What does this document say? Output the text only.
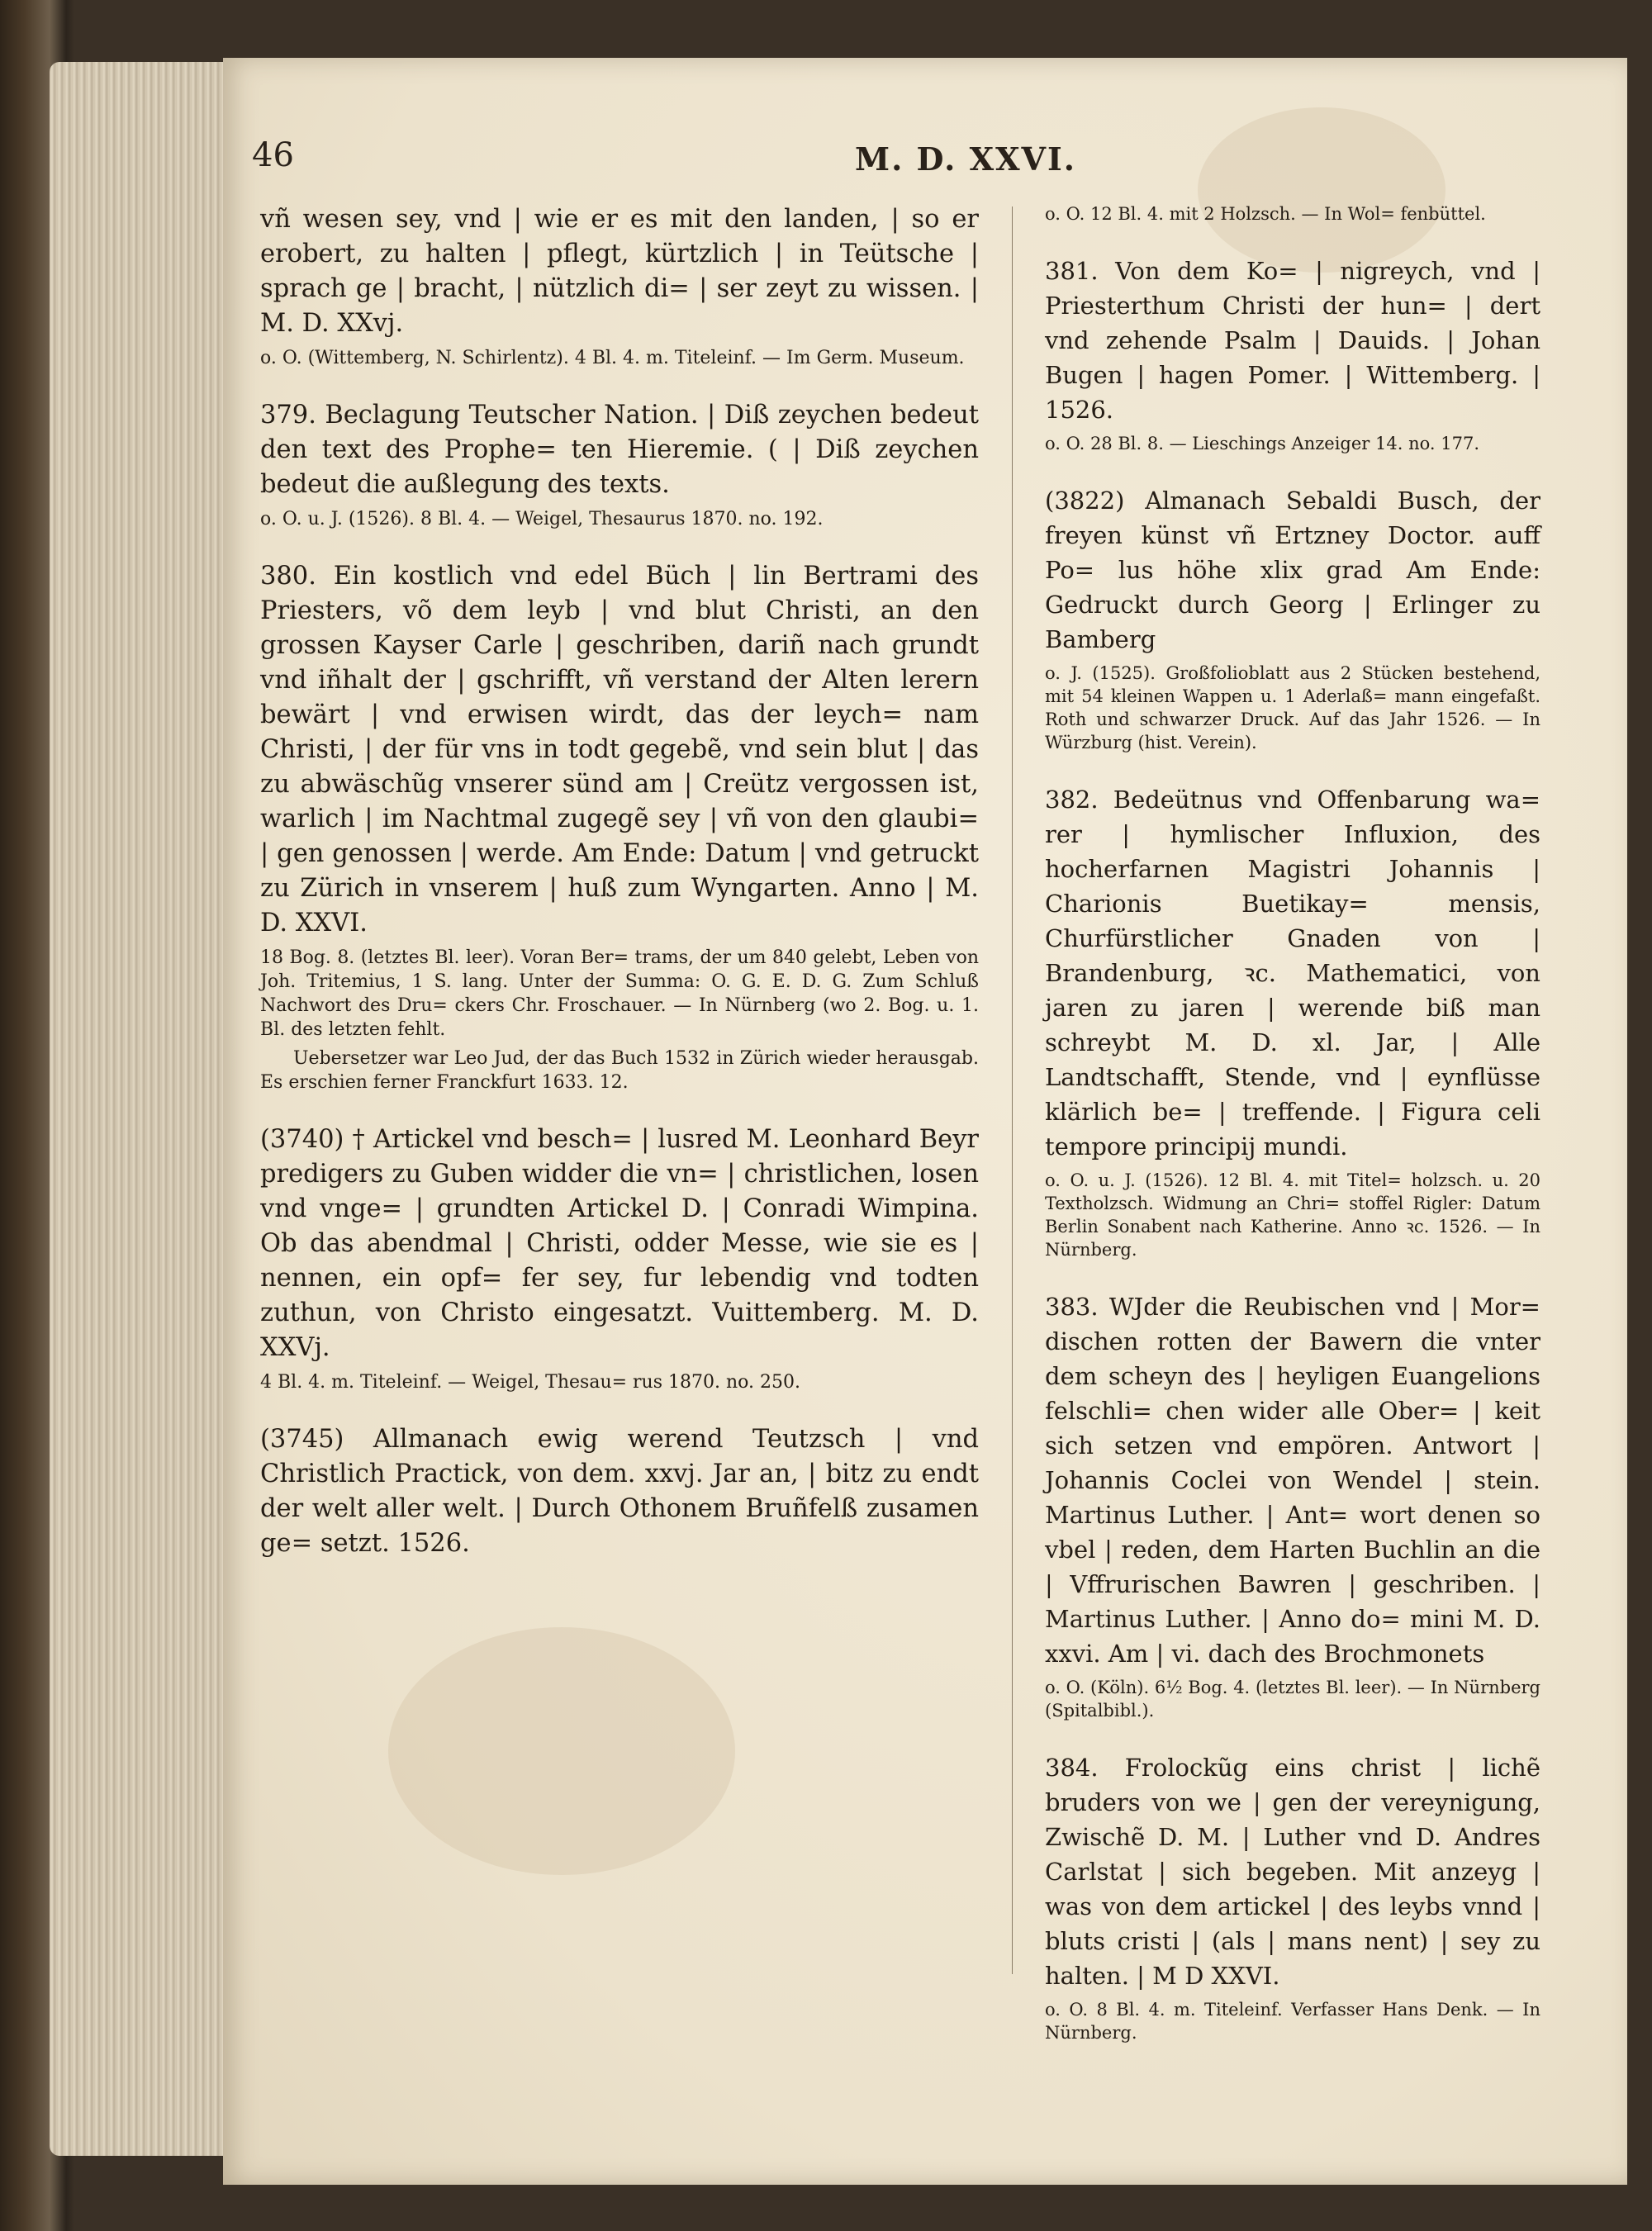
46	M. D. XXVI.

vñ wesen sey, vnd | wie er es mit den landen, | so er erobert, zu halten | pflegt, kürtzlich | in Teütsche | sprach ge | bracht, | nützlich di= | ser zeyt zu wissen. | M. D. XXvj.

o. O. (Wittemberg, N. Schirlentz). 4 Bl. 4. m. Titeleinf. — Im Germ. Museum.

379. Beclagung Teutscher Nation. | Diß zeychen bedeut den text des Prophe= ten Hieremie. ( | Diß zeychen bedeut die außlegung des texts.

o. O. u. J. (1526). 8 Bl. 4. — Weigel, Thesaurus 1870. no. 192.

380. Ein kostlich vnd edel Büch | lin Bertrami des Priesters, võ dem leyb | vnd blut Christi, an den grossen Kayser Carle | geschriben, dariñ nach grundt vnd iñhalt der | gschrifft, vñ verstand der Alten lerern bewärt | vnd erwisen wirdt, das der leych= nam Christi, | der für vns in todt gegebẽ, vnd sein blut | das zu abwäschũg vnserer sünd am | Creütz vergossen ist, warlich | im Nachtmal zugegẽ sey | vñ von den glaubi= | gen genossen | werde. Am Ende: Datum | vnd getruckt zu Zürich in vnserem | huß zum Wyngarten. Anno | M. D. XXVI.

18 Bog. 8. (letztes Bl. leer). Voran Ber= trams, der um 840 gelebt, Leben von Joh. Tritemius, 1 S. lang. Unter der Summa: O. G. E. D. G. Zum Schluß Nachwort des Dru= ckers Chr. Froschauer. — In Nürnberg (wo 2. Bog. u. 1. Bl. des letzten fehlt.

Uebersetzer war Leo Jud, der das Buch 1532 in Zürich wieder herausgab. Es erschien ferner Franckfurt 1633. 12.

(3740) † Artickel vnd besch= | lusred M. Leonhard Beyr predigers zu Guben widder die vn= | christlichen, losen vnd vnge= | grundten Artickel D. | Conradi Wimpina. Ob das abendmal | Christi, odder Messe, wie sie es | nennen, ein opf= fer sey, fur lebendig vnd todten zuthun, von Christo eingesatzt. Vuittemberg. M. D. XXVj.

4 Bl. 4. m. Titeleinf. — Weigel, Thesau= rus 1870. no. 250.

(3745) Allmanach ewig werend Teutzsch | vnd Christlich Practick, von dem. xxvj. Jar an, | bitz zu endt der welt aller welt. | Durch Othonem Bruñfelß zusamen ge= setzt. 1526.

o. O. 12 Bl. 4. mit 2 Holzsch. — In Wol= fenbüttel.

381. Von dem Ko= | nigreych, vnd | Priesterthum Christi der hun= | dert vnd zehende Psalm | Dauids. | Johan Bugen | hagen Pomer. | Wittemberg. | 1526.

o. O. 28 Bl. 8. — Lieschings Anzeiger 14. no. 177.

(3822) Almanach Sebaldi Busch, der freyen künst vñ Ertzney Doctor. auff Po= lus höhe xlix grad Am Ende: Gedruckt durch Georg | Erlinger zu Bamberg

o. J. (1525). Großfolioblatt aus 2 Stücken bestehend, mit 54 kleinen Wappen u. 1 Aderlaß= mann eingefaßt. Roth und schwarzer Druck. Auf das Jahr 1526. — In Würzburg (hist. Verein).

382. Bedeütnus vnd Offenbarung wa= rer | hymlischer Influxion, des hocherfarnen Magistri Johannis | Charionis Buetikay= mensis, Churfürstlicher Gnaden von | Brandenburg, ꝛc. Mathematici, von jaren zu jaren | werende biß man schreybt M. D. xl. Jar, | Alle Landtschafft, Stende, vnd | eynflüsse klärlich be= | treffende. | Figura celi tempore principij mundi.

o. O. u. J. (1526). 12 Bl. 4. mit Titel= holzsch. u. 20 Textholzsch. Widmung an Chri= stoffel Rigler: Datum Berlin Sonabent nach Katherine. Anno ꝛc. 1526. — In Nürnberg.

383. WJder die Reubischen vnd | Mor= dischen rotten der Bawern die vnter dem scheyn des | heyligen Euangelions felschli= chen wider alle Ober= | keit sich setzen vnd empören. Antwort | Johannis Coclei von Wendel | stein. Martinus Luther. | Ant= wort denen so vbel | reden, dem Harten Buchlin an die | Vffrurischen Bawren | geschriben. | Martinus Luther. | Anno do= mini M. D. xxvi. Am | vi. dach des Brochmonets

o. O. (Köln). 6½ Bog. 4. (letztes Bl. leer). — In Nürnberg (Spitalbibl.).

384. Frolockũg eins christ | lichẽ bruders von we | gen der vereynigung, Zwischẽ D. M. | Luther vnd D. Andres Carlstat | sich begeben. Mit anzeyg | was von dem artickel | des leybs vnnd | bluts cristi | (als | mans nent) | sey zu halten. | M D XXVI.

o. O. 8 Bl. 4. m. Titeleinf. Verfasser Hans Denk. — In Nürnberg.
